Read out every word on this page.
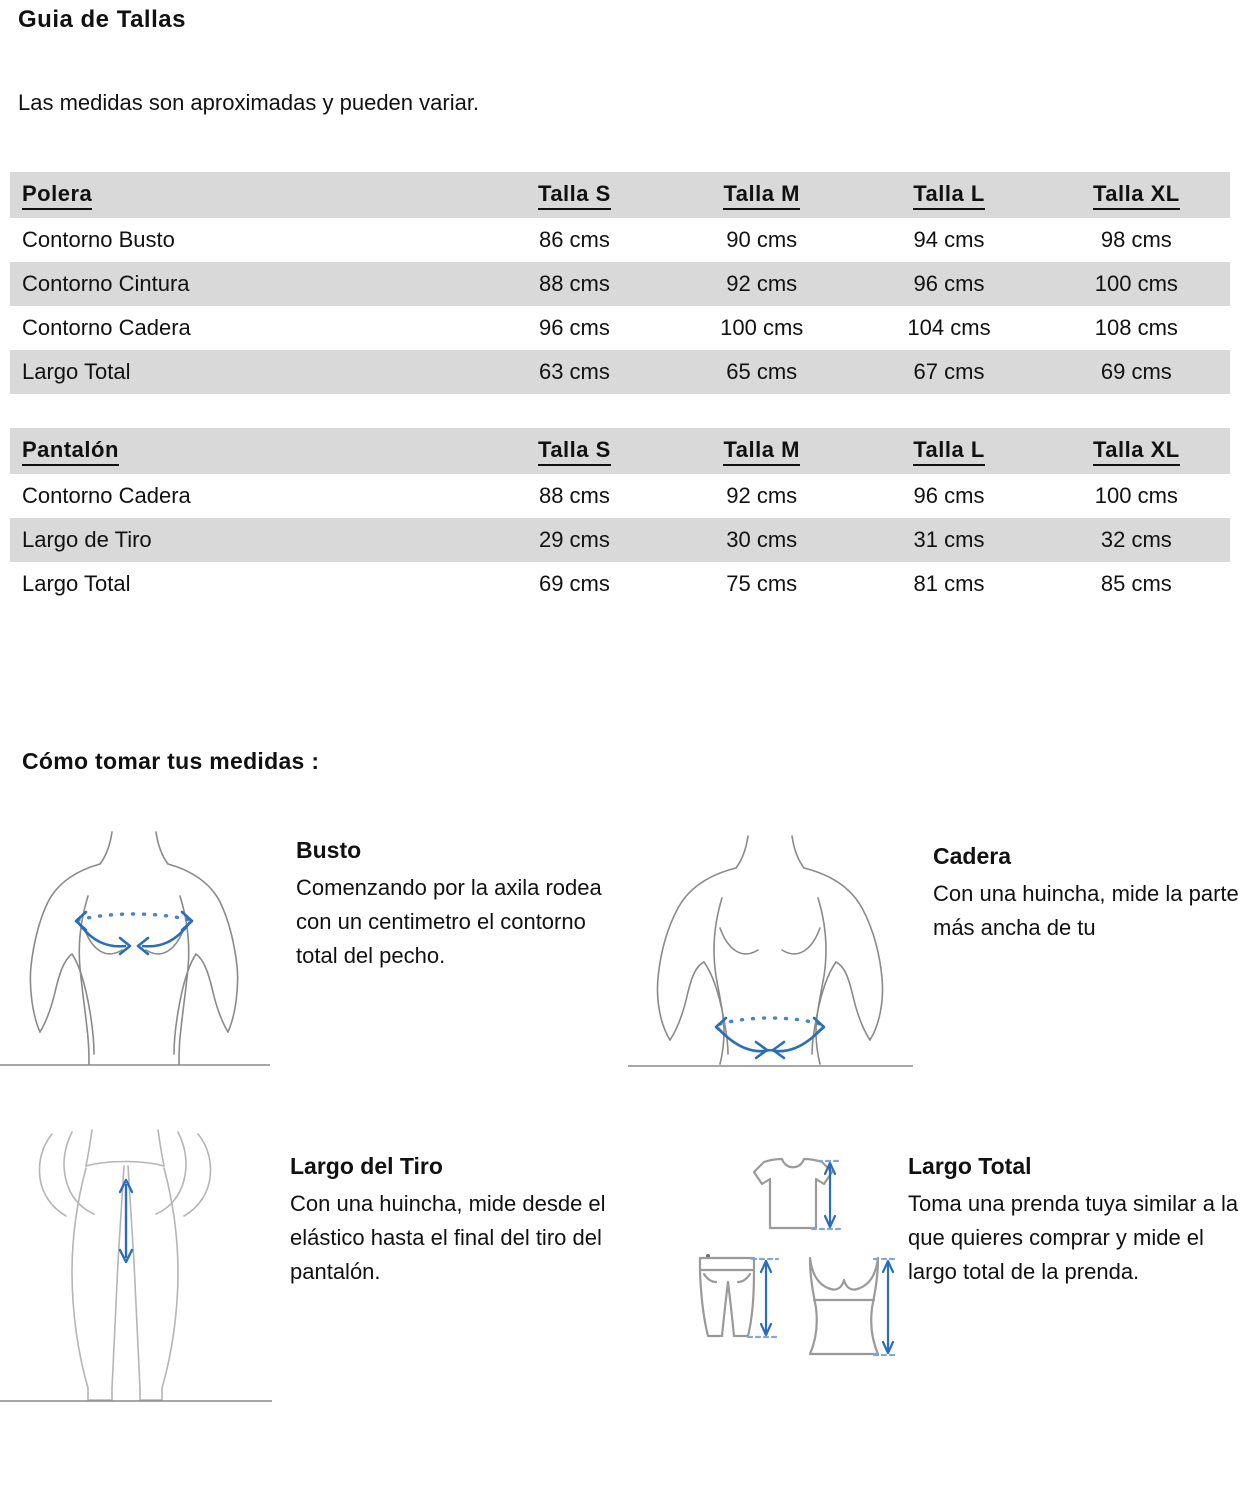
Guia de Tallas
Las medidas son aproximadas y pueden variar.
Polera	Talla S	Talla M	Talla L	Talla XL

Contorno Busto	86 cms	90 cms	94 cms	98 cms

Contorno Cintura	88 cms	92 cms	96 cms	100 cms

Contorno Cadera	96 cms	100 cms	104 cms	108 cms

Largo Total	63 cms	65 cms	67 cms	69 cms
Pantalón	Talla S	Talla M	Talla L	Talla XL

Contorno Cadera	88 cms	92 cms	96 cms	100 cms

Largo de Tiro	29 cms	30 cms	31 cms	32 cms

Largo Total	69 cms	75 cms	81 cms	85 cms
Cómo tomar tus medidas :

Busto

Comenzando por la axila rodea con un centimetro el contorno total del pecho.

Cadera

Con una huincha, mide la parte más ancha de tu

Largo del Tiro

Con una huincha, mide desde el elástico hasta el final del tiro del pantalón.

Largo Total

Toma una prenda tuya similar a la que quieres comprar y mide el largo total de la prenda.
